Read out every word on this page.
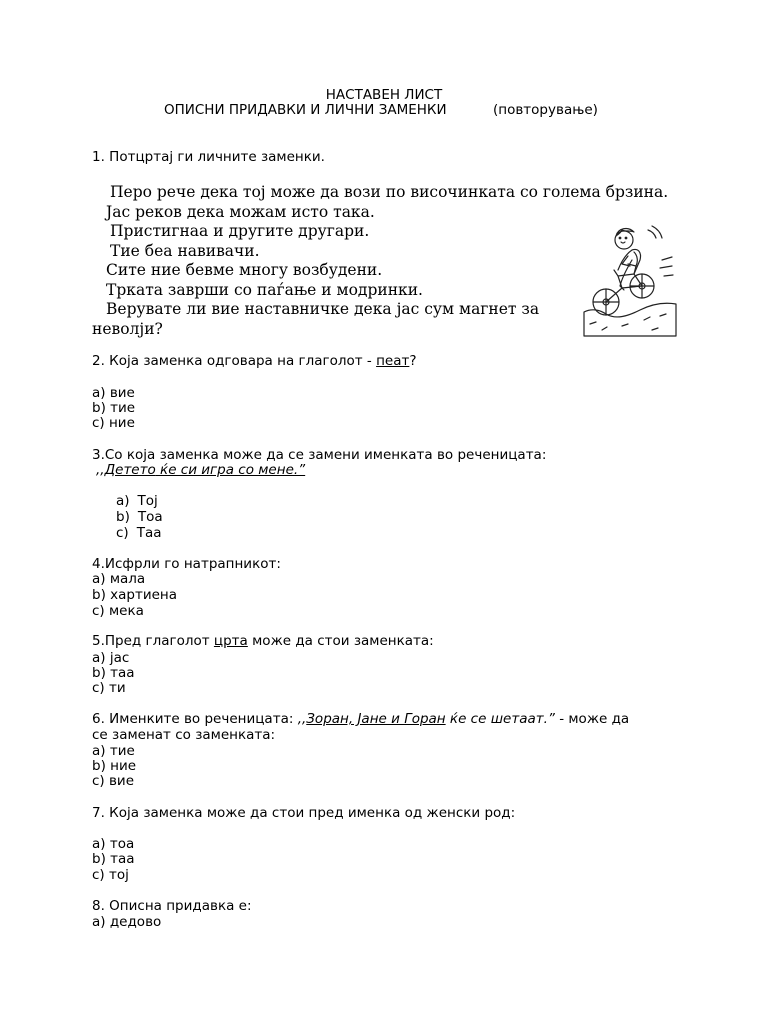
НАСТАВЕН ЛИСТ
ОПИСНИ ПРИДАВКИ И ЛИЧНИ ЗАМЕНКИ	(повторување)
1. Потцртај ги личните заменки.
Перо рече дека тој може да вози по височинката со голема брзина.
Јас реков дека можам исто така.
Пристигнаа и другите другари.
Тие беа навивачи.
Сите ние бевме многу возбудени.
Трката заврши со паѓање и модринки.
Верувате ли вие наставничке дека јас сум магнет за
неволји?
2. Која заменка одговара на глаголот - пеат?
а) вие
b) тие
c) ние
3.Со која заменка може да се замени именката во реченицата:
,,Детето ќе си игра со мене.”
a) Тој
b) Тоа
c) Таа
4.Исфрли го натрапникот:
а) мала
b) хартиена
c) мека
5.Пред глаголот црта може да стои заменката:
а) јас
b) таа
c) ти
6. Именките во реченицата: ,,Зоран, Јане и Горан ќе се шетаат.” - може да
се заменат со заменката:
а) тие
b) ние
c) вие
7. Која заменка може да стои пред именка од женски род:
а) тоа
b) таа
c) тој
8. Описна придавка е:
а) дедово
